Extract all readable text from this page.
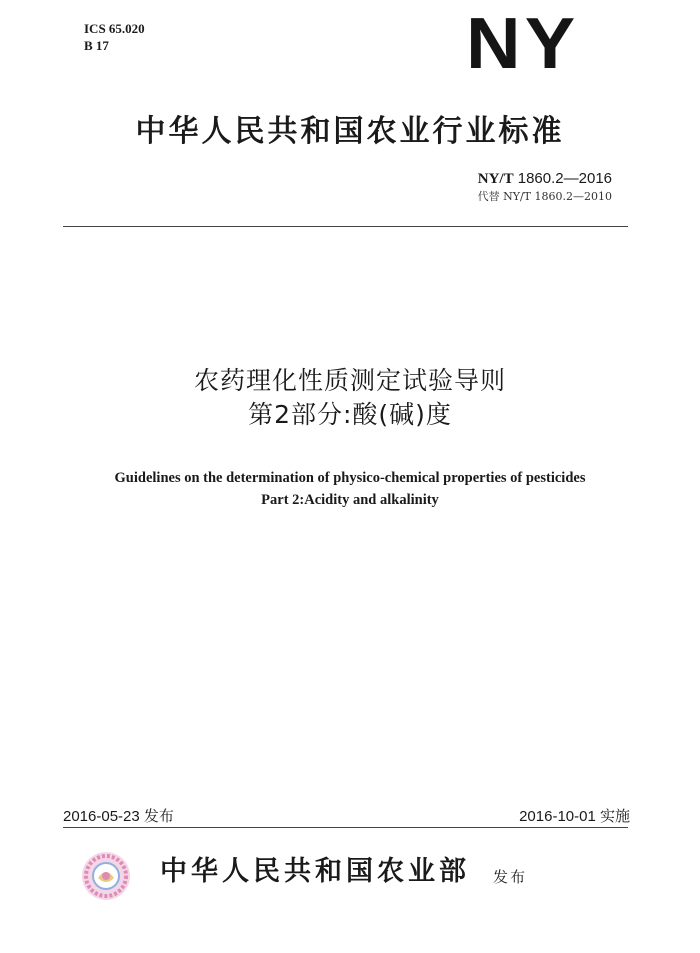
ICS 65.020
B 17	NY
中华人民共和国农业行业标准
NY/T 1860.2—2016
代替 NY/T 1860.2—2010
农药理化性质测定试验导则
第2部分:酸(碱)度
Guidelines on the determination of physico-chemical properties of pesticides
Part 2:Acidity and alkalinity
2016-05-23 发布	2016-10-01 实施
中华人民共和国农业部 发布
